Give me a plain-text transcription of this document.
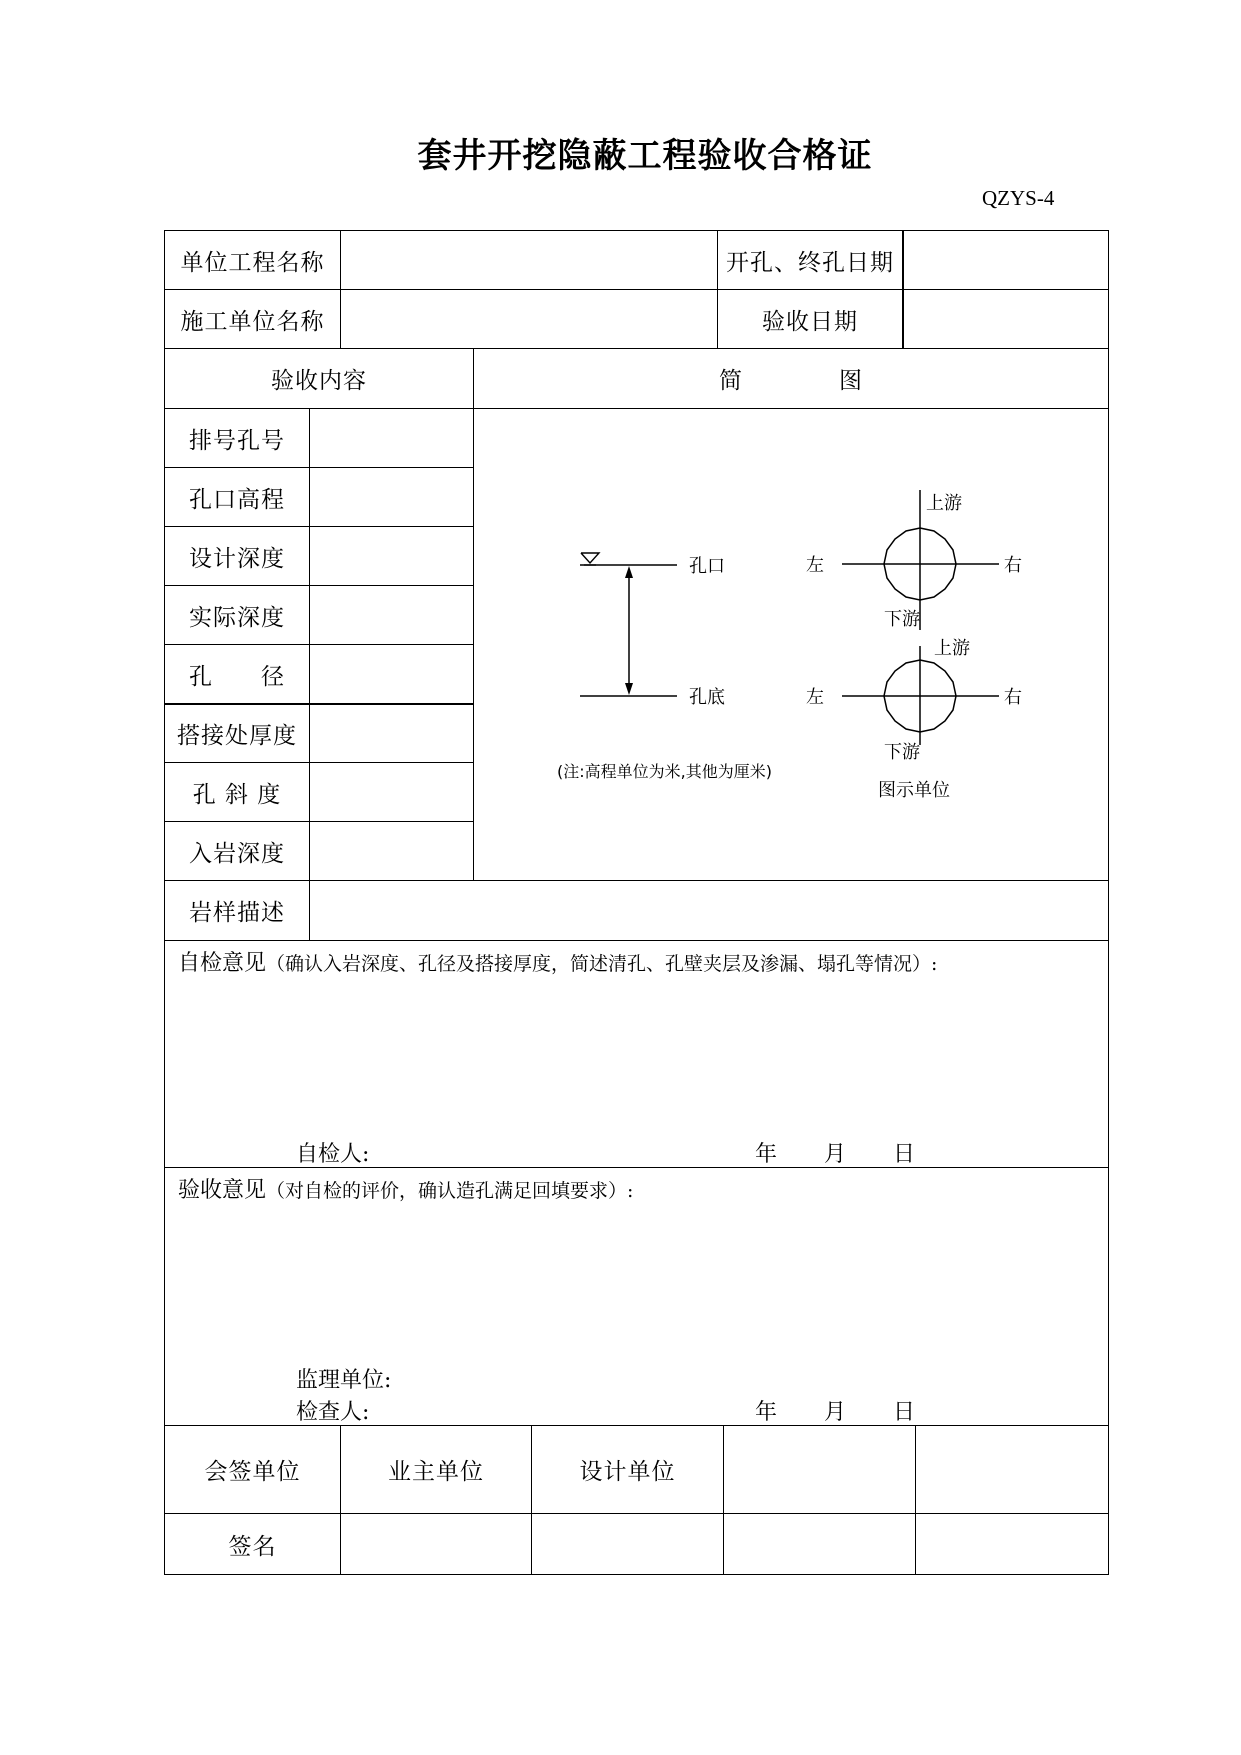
套井开挖隐蔽工程验收合格证
QZYS-4
单位工程名称	开孔、终孔日期
施工单位名称	验收日期
验收内容	简　　　　图
排号孔号
孔口高程
设计深度
实际深度
孔　　径
搭接处厚度
孔 斜 度
入岩深度
岩样描述
自检意见（确认入岩深度、孔径及搭接厚度，简述清孔、孔壁夹层及渗漏、塌孔等情况）:
自检人:	年　　月　　日
验收意见（对自检的评价，确认造孔满足回填要求）:
监理单位:
检查人:	年　　月　　日
会签单位	业主单位	设计单位
签名
孔口
孔底
(注:高程单位为米,其他为厘米)
上游
左	右
下游
上游
左	右
下游
图示单位
